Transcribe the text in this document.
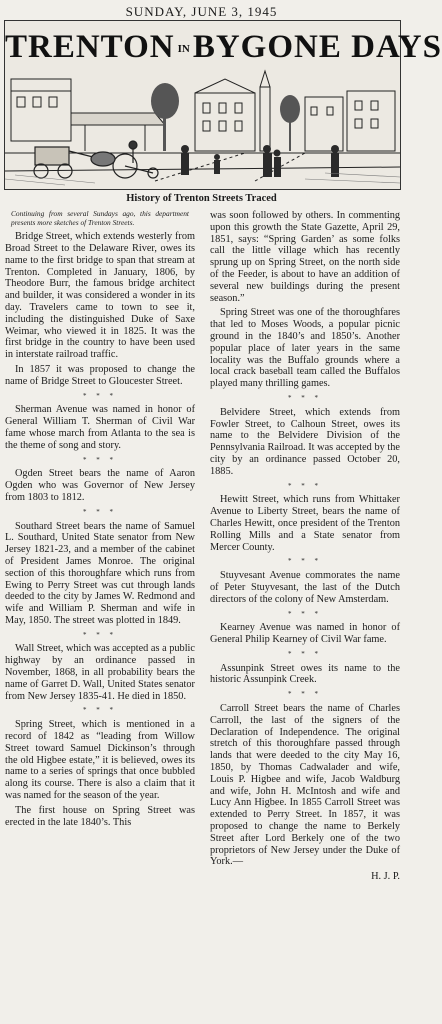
SUNDAY, JUNE 3, 1945
TRENTON INBYGONE DAYS
History of Trenton Streets Traced

Continuing from several Sundays ago, this department presents more sketches of Trenton Streets.

Bridge Street, which extends westerly from Broad Street to the Delaware River, owes its name to the first bridge to span that stream at Trenton. Completed in January, 1806, by Theodore Burr, the famous bridge architect and builder, it was considered a wonder in its day. Travelers came to town to see it, including the distinguished Duke of Saxe Weimar, who viewed it in 1825. It was the first bridge in the country to have been used in interstate railroad traffic.

In 1857 it was proposed to change the name of Bridge Street to Gloucester Street.

* * *

Sherman Avenue was named in honor of General William T. Sherman of Civil War fame whose march from Atlanta to the sea is the theme of song and story.

* * *

Ogden Street bears the name of Aaron Ogden who was Governor of New Jersey from 1803 to 1812.

* * *

Southard Street bears the name of Samuel L. Southard, United State senator from New Jersey 1821-23, and a member of the cabinet of President James Monroe. The original section of this thoroughfare which runs from Ewing to Perry Street was cut through lands deeded to the city by James W. Redmond and wife and William P. Sherman and wife in May, 1850. The street was plotted in 1849.

* * *

Wall Street, which was accepted as a public highway by an ordinance passed in November, 1868, in all probability bears the name of Garret D. Wall, United States senator from New Jersey 1835-41. He died in 1850.

* * *

Spring Street, which is mentioned in a record of 1842 as “leading from Willow Street toward Samuel Dickinson’s through the old Higbee estate,” it is believed, owes its name to a series of springs that once bubbled along its course. There is also a claim that it was named for the season of the year.

The first house on Spring Street was erected in the late 1840’s. This

was soon followed by others. In commenting upon this growth the State Gazette, April 29, 1851, says: “Spring Garden’ as some folks call the little village which has recently sprung up on Spring Street, on the north side of the Feeder, is about to have an addition of several new buildings during the present season.”

Spring Street was one of the thoroughfares that led to Moses Woods, a popular picnic ground in the 1840’s and 1850’s. Another popular place of later years in the same locality was the Buffalo grounds where a local crack baseball team called the Buffalos played many thrilling games.

* * *

Belvidere Street, which extends from Fowler Street, to Calhoun Street, owes its name to the Belvidere Division of the Pennsylvania Railroad. It was accepted by the city by an ordinance passed October 20, 1885.

* * *

Hewitt Street, which runs from Whittaker Avenue to Liberty Street, bears the name of Charles Hewitt, once president of the Trenton Rolling Mills and a State senator from Mercer County.

* * *

Stuyvesant Avenue commorates the name of Peter Stuyvesant, the last of the Dutch directors of the colony of New Amsterdam.

* * *

Kearney Avenue was named in honor of General Philip Kearney of Civil War fame.

* * *

Assunpink Street owes its name to the historic Assunpink Creek.

* * *

Carroll Street bears the name of Charles Carroll, the last of the signers of the Declaration of Independence. The original stretch of this thoroughfare passed through lands that were deeded to the city May 16, 1850, by Thomas Cadwalader and wife, Louis P. Higbee and wife, Jacob Waldburg and wife, John H. McIntosh and wife and Lucy Ann Higbee. In 1855 Carroll Street was extended to Perry Street. In 1857, it was proposed to change the name to Berkely Street after Lord Berkely one of the two proprietors of New Jersey under the Duke of York.—

H. J. P.
